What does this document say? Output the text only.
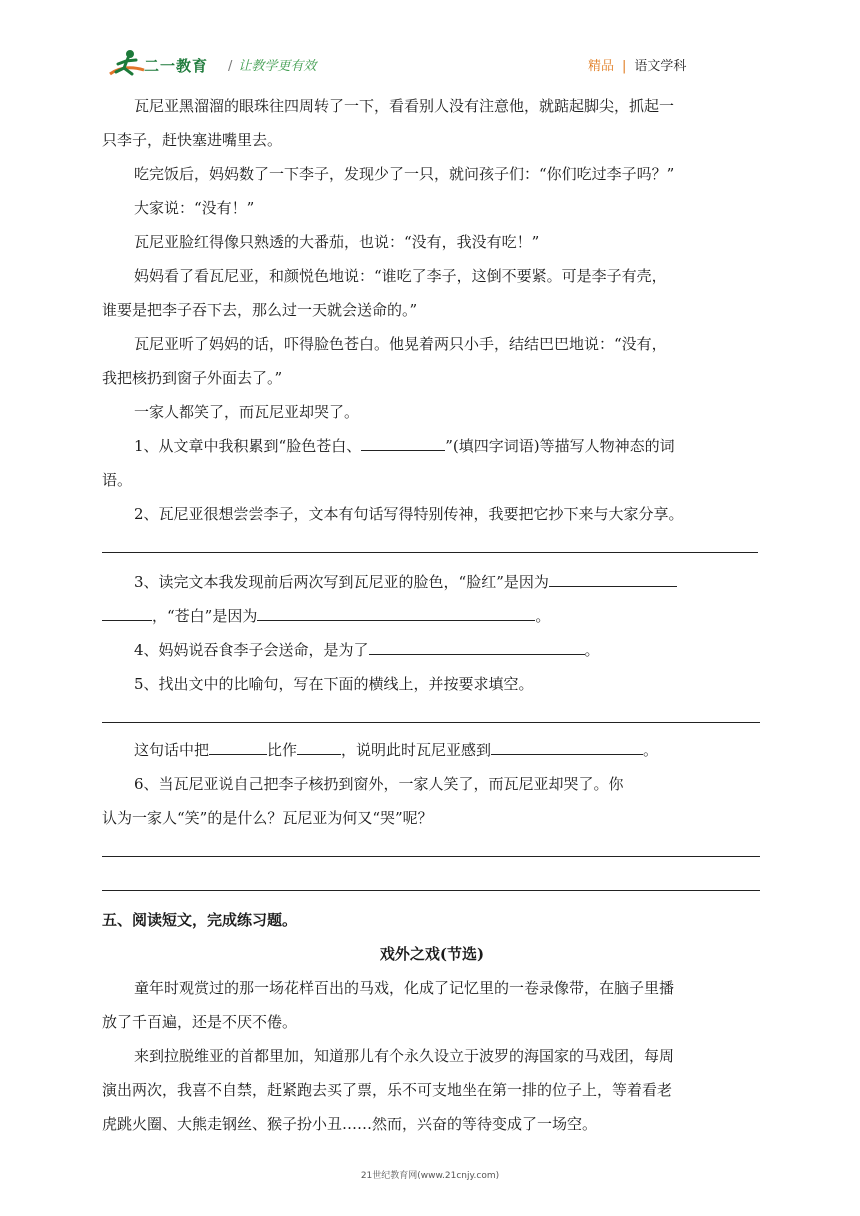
二一教育 / 让教学更有效	精品 | 语文学科
瓦尼亚黑溜溜的眼珠往四周转了一下，看看别人没有注意他，就踮起脚尖，抓起一
只李子，赶快塞进嘴里去。
吃完饭后，妈妈数了一下李子，发现少了一只，就问孩子们：“你们吃过李子吗？”
大家说：“没有！”
瓦尼亚脸红得像只熟透的大番茄，也说：“没有，我没有吃！”
妈妈看了看瓦尼亚，和颜悦色地说：“谁吃了李子，这倒不要紧。可是李子有壳，
谁要是把李子吞下去，那么过一天就会送命的。”
瓦尼亚听了妈妈的话，吓得脸色苍白。他晃着两只小手，结结巴巴地说：“没有，
我把核扔到窗子外面去了。”
一家人都笑了，而瓦尼亚却哭了。
1、从文章中我积累到“脸色苍白、	”(填四字词语)等描写人物神态的词
语。
2、瓦尼亚很想尝尝李子，文本有句话写得特别传神，我要把它抄下来与大家分享。
3、读完文本我发现前后两次写到瓦尼亚的脸色，“脸红”是因为
，“苍白”是因为	。
4、妈妈说吞食李子会送命，是为了	。
5、找出文中的比喻句，写在下面的横线上，并按要求填空。
这句话中把	比作	，说明此时瓦尼亚感到	。
6、当瓦尼亚说自己把李子核扔到窗外，一家人笑了，而瓦尼亚却哭了。你
认为一家人“笑”的是什么？瓦尼亚为何又“哭”呢？
五、阅读短文，完成练习题。
戏外之戏(节选)
童年时观赏过的那一场花样百出的马戏，化成了记忆里的一卷录像带，在脑子里播
放了千百遍，还是不厌不倦。
来到拉脱维亚的首都里加，知道那儿有个永久设立于波罗的海国家的马戏团，每周
演出两次，我喜不自禁，赶紧跑去买了票，乐不可支地坐在第一排的位子上，等着看老
虎跳火圈、大熊走钢丝、猴子扮小丑……然而，兴奋的等待变成了一场空。
21世纪教育网(www.21cnjy.com)
